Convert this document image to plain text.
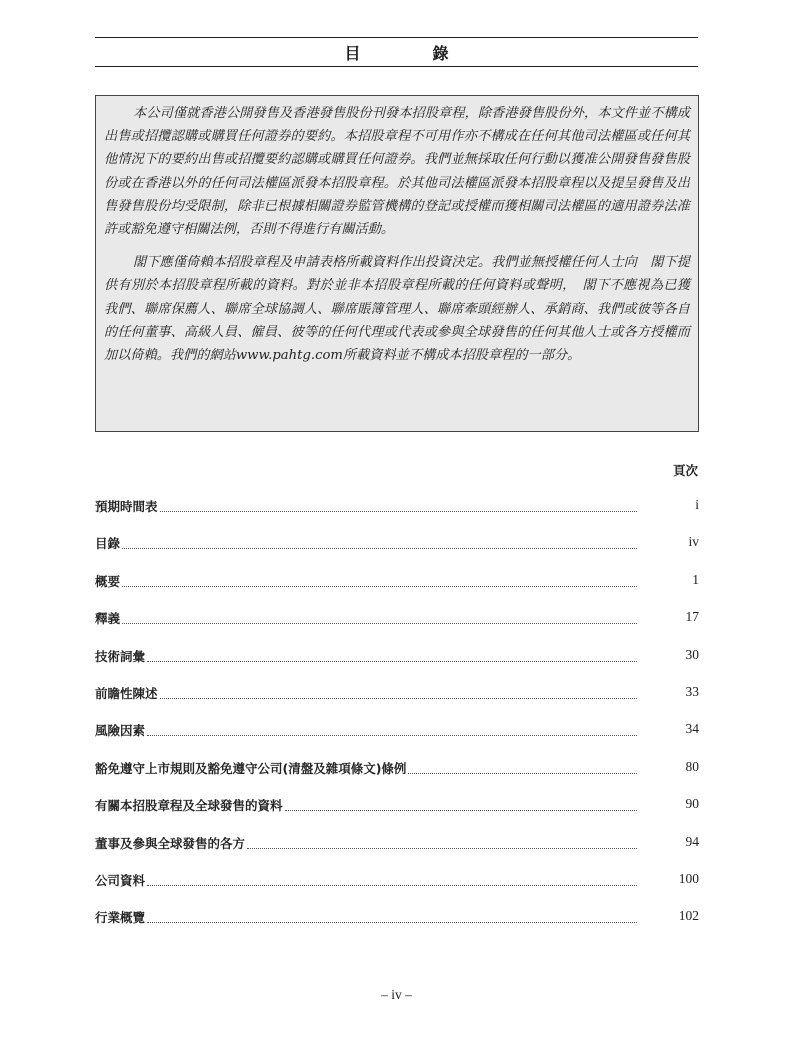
目　錄

本公司僅就香港公開發售及香港發售股份刊發本招股章程，除香港發售股份外，本文件並不構成出售或招攬認購或購買任何證券的要約。本招股章程不可用作亦不構成在任何其他司法權區或任何其他情況下的要約出售或招攬要約認購或購買任何證券。我們並無採取任何行動以獲准公開發售發售股份或在香港以外的任何司法權區派發本招股章程。於其他司法權區派發本招股章程以及提呈發售及出售發售股份均受限制，除非已根據相關證券監管機構的登記或授權而獲相關司法權區的適用證券法准許或豁免遵守相關法例，否則不得進行有關活動。

閣下應僅倚賴本招股章程及申請表格所載資料作出投資決定。我們並無授權任何人士向　閣下提供有別於本招股章程所載的資料。對於並非本招股章程所載的任何資料或聲明，　閣下不應視為已獲我們、聯席保薦人、聯席全球協調人、聯席賬簿管理人、聯席牽頭經辦人、承銷商、我們或彼等各自的任何董事、高級人員、僱員、彼等的任何代理或代表或參與全球發售的任何其他人士或各方授權而加以倚賴。我們的網站www.pahtg.com所載資料並不構成本招股章程的一部分。

頁次
預期時間表	i
目錄	iv
概要	1
釋義	17
技術詞彙	30
前瞻性陳述	33
風險因素	34
豁免遵守上市規則及豁免遵守公司(清盤及雜項條文)條例	80
有關本招股章程及全球發售的資料	90
董事及參與全球發售的各方	94
公司資料	100
行業概覽	102
– iv –
